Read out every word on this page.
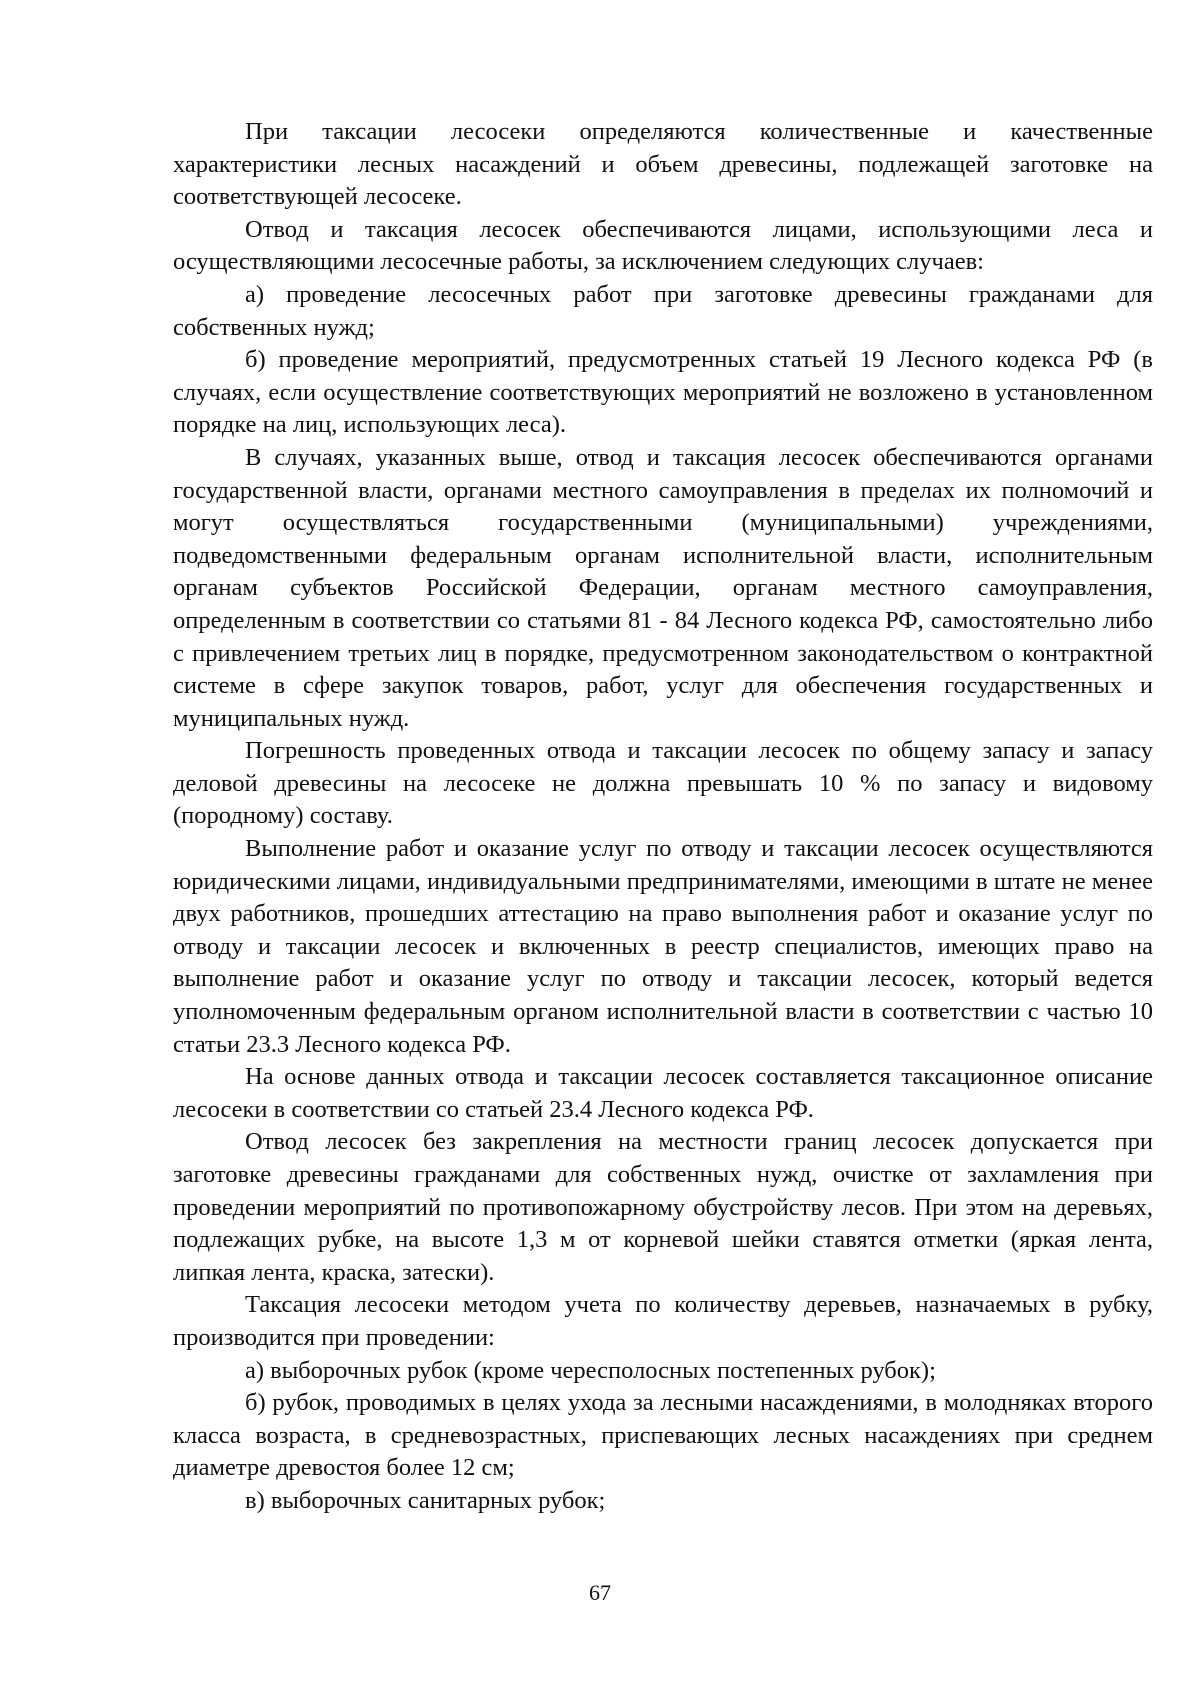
При таксации лесосеки определяются количественные и качественные характеристики лесных насаждений и объем древесины, подлежащей заготовке на соответствующей лесосеке.

Отвод и таксация лесосек обеспечиваются лицами, использующими леса и осуществляющими лесосечные работы, за исключением следующих случаев:

а) проведение лесосечных работ при заготовке древесины гражданами для собственных нужд;

б) проведение мероприятий, предусмотренных статьей 19 Лесного кодекса РФ (в случаях, если осуществление соответствующих мероприятий не возложено в установленном порядке на лиц, использующих леса).

В случаях, указанных выше, отвод и таксация лесосек обеспечиваются органами государственной власти, органами местного самоуправления в пределах их полномочий и могут осуществляться государственными (муниципальными) учреждениями, подведомственными федеральным органам исполнительной власти, исполнительным органам субъектов Российской Федерации, органам местного самоуправления, определенным в соответствии со статьями 81 - 84 Лесного кодекса РФ, самостоятельно либо с привлечением третьих лиц в порядке, предусмотренном законодательством о контрактной системе в сфере закупок товаров, работ, услуг для обеспечения государственных и муниципальных нужд.

Погрешность проведенных отвода и таксации лесосек по общему запасу и запасу деловой древесины на лесосеке не должна превышать 10 % по запасу и видовому (породному) составу.

Выполнение работ и оказание услуг по отводу и таксации лесосек осуществляются юридическими лицами, индивидуальными предпринимателями, имеющими в штате не менее двух работников, прошедших аттестацию на право выполнения работ и оказание услуг по отводу и таксации лесосек и включенных в реестр специалистов, имеющих право на выполнение работ и оказание услуг по отводу и таксации лесосек, который ведется уполномоченным федеральным органом исполнительной власти в соответствии с частью 10 статьи 23.3 Лесного кодекса РФ.

На основе данных отвода и таксации лесосек составляется таксационное описание лесосеки в соответствии со статьей 23.4 Лесного кодекса РФ.

Отвод лесосек без закрепления на местности границ лесосек допускается при заготовке древесины гражданами для собственных нужд, очистке от захламления при проведении мероприятий по противопожарному обустройству лесов. При этом на деревьях, подлежащих рубке, на высоте 1,3 м от корневой шейки ставятся отметки (яркая лента, липкая лента, краска, затески).

Таксация лесосеки методом учета по количеству деревьев, назначаемых в рубку, производится при проведении:

а) выборочных рубок (кроме чересполосных постепенных рубок);

б) рубок, проводимых в целях ухода за лесными насаждениями, в молодняках второго класса возраста, в средневозрастных, приспевающих лесных насаждениях при среднем диаметре древостоя более 12 см;

в) выборочных санитарных рубок;

67
